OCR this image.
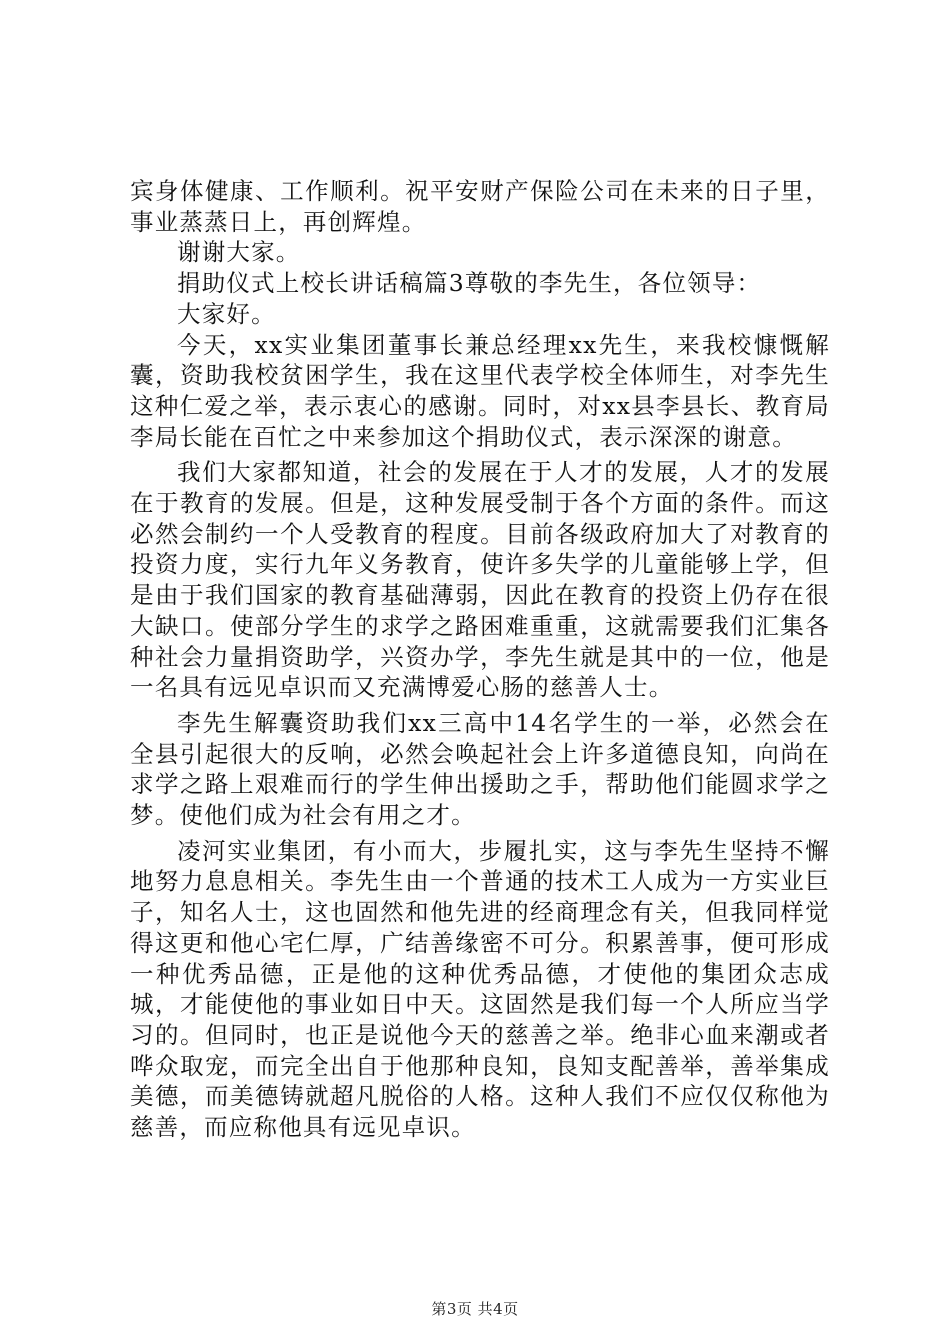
宾身体健康、工作顺利。祝平安财产保险公司在未来的日子里，事业蒸蒸日上，再创辉煌。

谢谢大家。

捐助仪式上校长讲话稿篇3尊敬的李先生，各位领导：

大家好。

今天，xx实业集团董事长兼总经理xx先生，来我校慷慨解囊，资助我校贫困学生，我在这里代表学校全体师生，对李先生这种仁爱之举，表示衷心的感谢。同时，对xx县李县长、教育局李局长能在百忙之中来参加这个捐助仪式，表示深深的谢意。

我们大家都知道，社会的发展在于人才的发展，人才的发展在于教育的发展。但是，这种发展受制于各个方面的条件。而这必然会制约一个人受教育的程度。目前各级政府加大了对教育的投资力度，实行九年义务教育，使许多失学的儿童能够上学，但是由于我们国家的教育基础薄弱，因此在教育的投资上仍存在很大缺口。使部分学生的求学之路困难重重，这就需要我们汇集各种社会力量捐资助学，兴资办学，李先生就是其中的一位，他是一名具有远见卓识而又充满博爱心肠的慈善人士。

李先生解囊资助我们xx三高中14名学生的一举，必然会在全县引起很大的反响，必然会唤起社会上许多道德良知，向尚在求学之路上艰难而行的学生伸出援助之手，帮助他们能圆求学之梦。使他们成为社会有用之才。

凌河实业集团，有小而大，步履扎实，这与李先生坚持不懈地努力息息相关。李先生由一个普通的技术工人成为一方实业巨子，知名人士，这也固然和他先进的经商理念有关，但我同样觉得这更和他心宅仁厚，广结善缘密不可分。积累善事，便可形成一种优秀品德，正是他的这种优秀品德，才使他的集团众志成城，才能使他的事业如日中天。这固然是我们每一个人所应当学习的。但同时，也正是说他今天的慈善之举。绝非心血来潮或者哗众取宠，而完全出自于他那种良知，良知支配善举，善举集成美德，而美德铸就超凡脱俗的人格。这种人我们不应仅仅称他为慈善，而应称他具有远见卓识。

第3页 共4页
